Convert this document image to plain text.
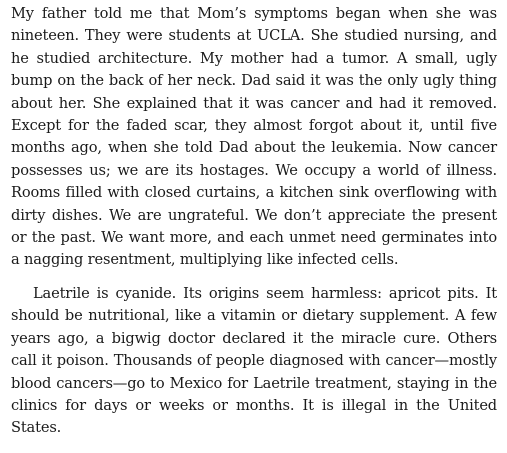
My father told me that Mom’s symptoms began when she was nineteen. They were students at UCLA. She studied nursing, and he studied architecture. My mother had a tumor. A small, ugly bump on the back of her neck. Dad said it was the only ugly thing about her. She explained that it was cancer and had it removed. Except for the faded scar, they almost forgot about it, until five months ago, when she told Dad about the leukemia. Now cancer possesses us; we are its hostages. We occupy a world of illness. Rooms filled with closed curtains, a kitchen sink overflowing with dirty dishes. We are ungrateful. We don’t appreciate the present or the past. We want more, and each unmet need germinates into a nagging resentment, multiplying like infected cells.

Laetrile is cyanide. Its origins seem harmless: apricot pits. It should be nutritional, like a vitamin or dietary supplement. A few years ago, a bigwig doctor declared it the miracle cure. Others call it poison. Thousands of people diagnosed with cancer—mostly blood cancers—go to Mexico for Laetrile treatment, staying in the clinics for days or weeks or months. It is illegal in the United States.
